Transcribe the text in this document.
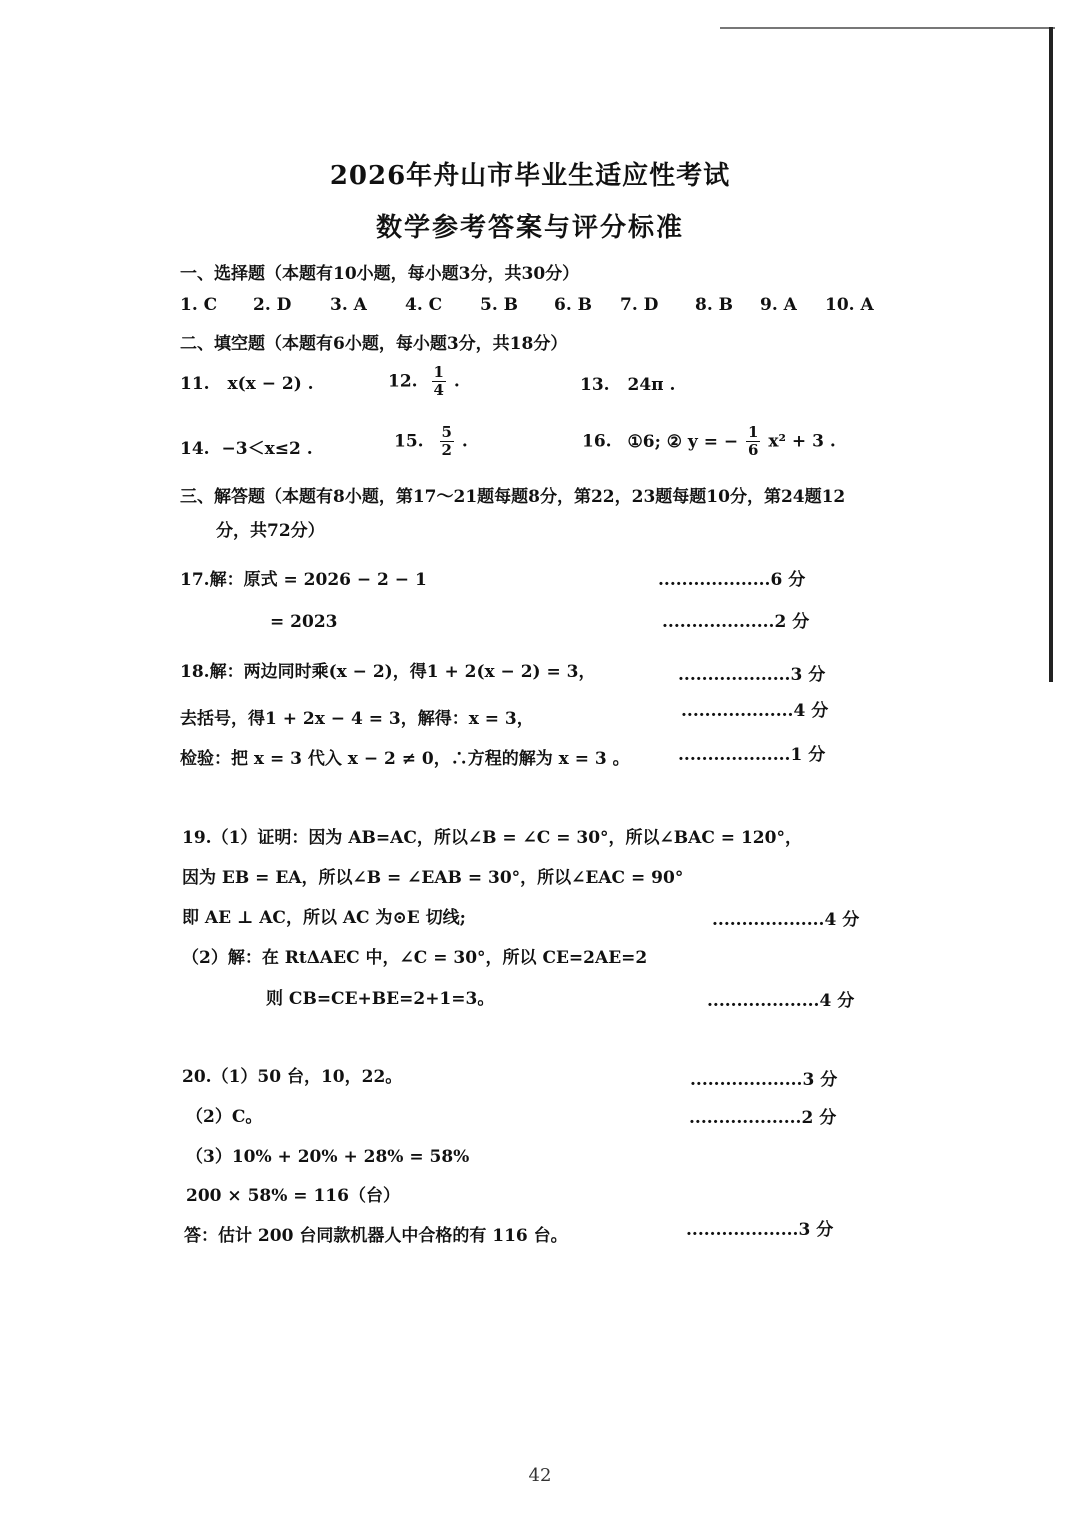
2026年舟山市毕业生适应性考试
数学参考答案与评分标准
一、选择题（本题有10小题，每小题3分，共30分）
1. C 2. D 3. A 4. C 5. B 6. B 7. D 8. B 9. A 10. A
二、填空题（本题有6小题，每小题3分，共18分）
11. x(x − 2) .	12. $\frac{1}{4}$ .	13. 24π .
14. −3＜x≤2 .	15. $\frac{5}{2}$ .	16. ①6; ② y = − $\frac{1}{6} x^2 + 3$ .
三、解答题（本题有8小题，第17～21题每题8分，第22，23题每题10分，第24题12
分，共72分）
17.解：原式 = 2026 − 2 − 1	...................6 分
= 2023	...................2 分
18.解：两边同时乘(x − 2)，得1 + 2(x − 2) = 3，	...................3 分
去括号，得1 + 2x − 4 = 3，解得：x = 3，	...................4 分
检验：把 x = 3 代入 x − 2 ≠ 0，∴方程的解为 x = 3 。	...................1 分
19.（1）证明：因为 AB=AC，所以∠B = ∠C = 30°，所以∠BAC = 120°，
因为 EB = EA，所以∠B = ∠EAB = 30°，所以∠EAC = 90°
即 AE ⊥ AC，所以 AC 为⊙E 切线;	...................4 分
（2）解：在 RtΔAEC 中，∠C = 30°，所以 CE=2AE=2
则 CB=CE+BE=2+1=3。	...................4 分
20.（1）50 台，10，22。	...................3 分
（2）C。	...................2 分
（3）10% + 20% + 28% = 58%
200 × 58% = 116（台）
答：估计 200 台同款机器人中合格的有 116 台。	...................3 分
42
